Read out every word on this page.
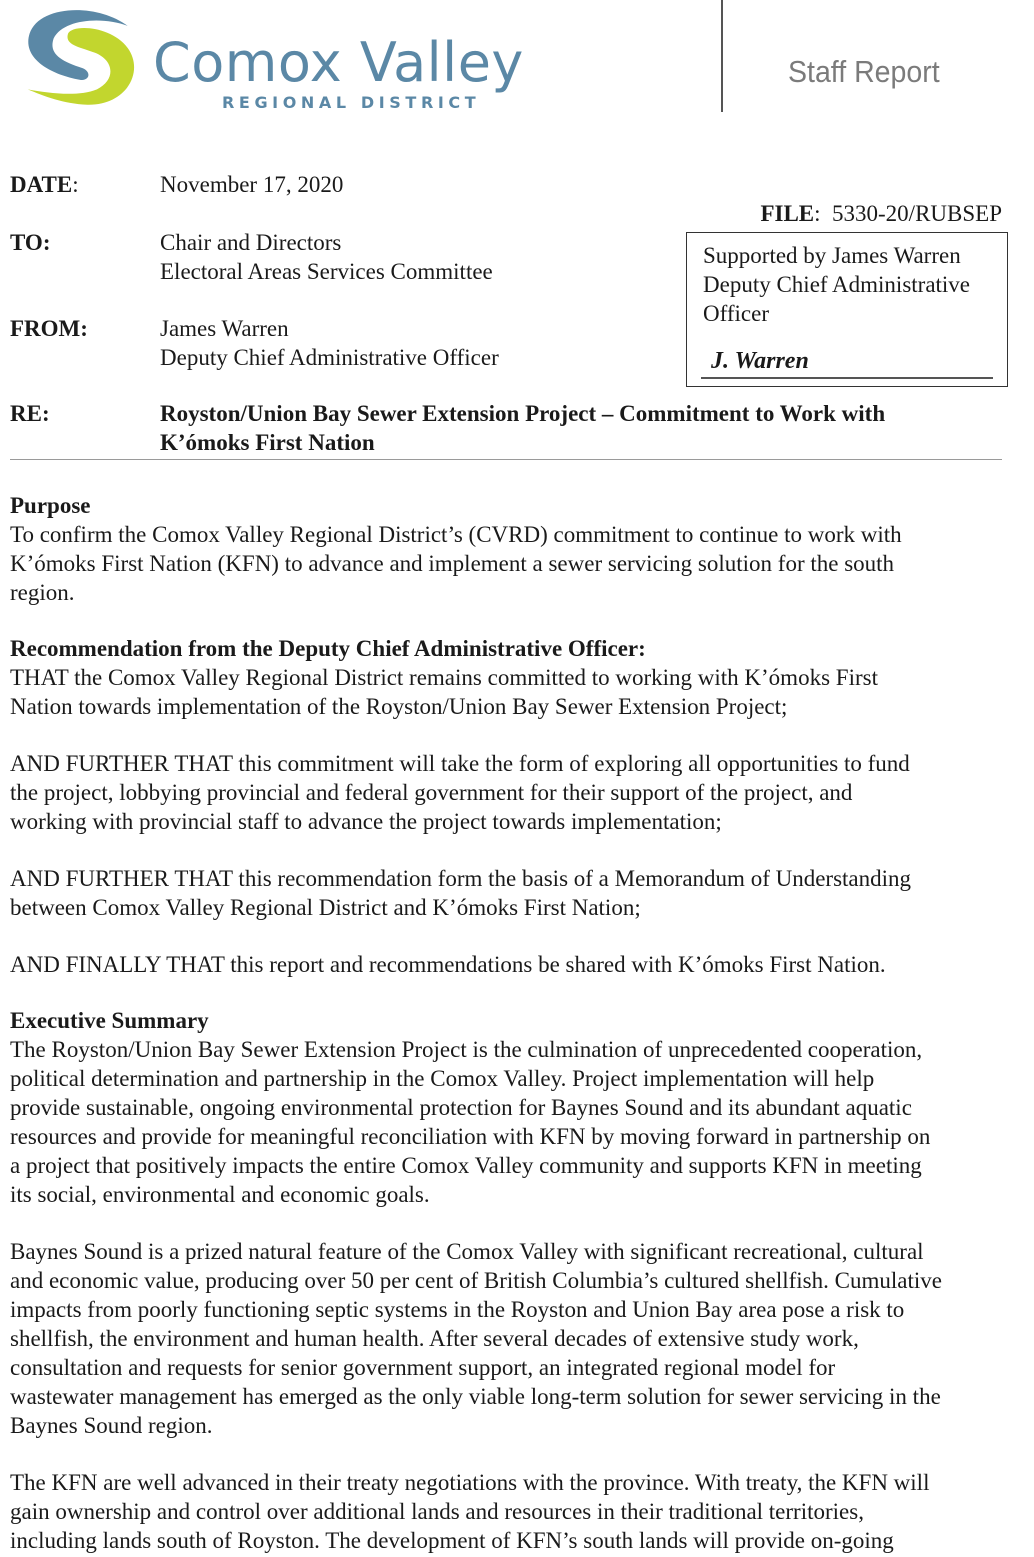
Comox Valley
REGIONAL DISTRICT
Staff Report
DATE:	November 17, 2020
TO:	Chair and Directors
Electoral Areas Services Committee
FROM:	James Warren
Deputy Chief Administrative Officer
FILE:  5330-20/RUBSEP
Supported by James Warren
Deputy Chief Administrative
Officer
J. Warren
RE:	Royston/Union Bay Sewer Extension Project – Commitment to Work with
K’ómoks First Nation
Purpose

To confirm the Comox Valley Regional District’s (CVRD) commitment to continue to work with
K’ómoks First Nation (KFN) to advance and implement a sewer servicing solution for the south
region.

Recommendation from the Deputy Chief Administrative Officer:

THAT the Comox Valley Regional District remains committed to working with K’ómoks First
Nation towards implementation of the Royston/Union Bay Sewer Extension Project;

AND FURTHER THAT this commitment will take the form of exploring all opportunities to fund
the project, lobbying provincial and federal government for their support of the project, and
working with provincial staff to advance the project towards implementation;

AND FURTHER THAT this recommendation form the basis of a Memorandum of Understanding
between Comox Valley Regional District and K’ómoks First Nation;

AND FINALLY THAT this report and recommendations be shared with K’ómoks First Nation.

Executive Summary

The Royston/Union Bay Sewer Extension Project is the culmination of unprecedented cooperation,
political determination and partnership in the Comox Valley. Project implementation will help
provide sustainable, ongoing environmental protection for Baynes Sound and its abundant aquatic
resources and provide for meaningful reconciliation with KFN by moving forward in partnership on
a project that positively impacts the entire Comox Valley community and supports KFN in meeting
its social, environmental and economic goals.

Baynes Sound is a prized natural feature of the Comox Valley with significant recreational, cultural
and economic value, producing over 50 per cent of British Columbia’s cultured shellfish. Cumulative
impacts from poorly functioning septic systems in the Royston and Union Bay area pose a risk to
shellfish, the environment and human health. After several decades of extensive study work,
consultation and requests for senior government support, an integrated regional model for
wastewater management has emerged as the only viable long-term solution for sewer servicing in the
Baynes Sound region.

The KFN are well advanced in their treaty negotiations with the province. With treaty, the KFN will
gain ownership and control over additional lands and resources in their traditional territories,
including lands south of Royston. The development of KFN’s south lands will provide on-going
